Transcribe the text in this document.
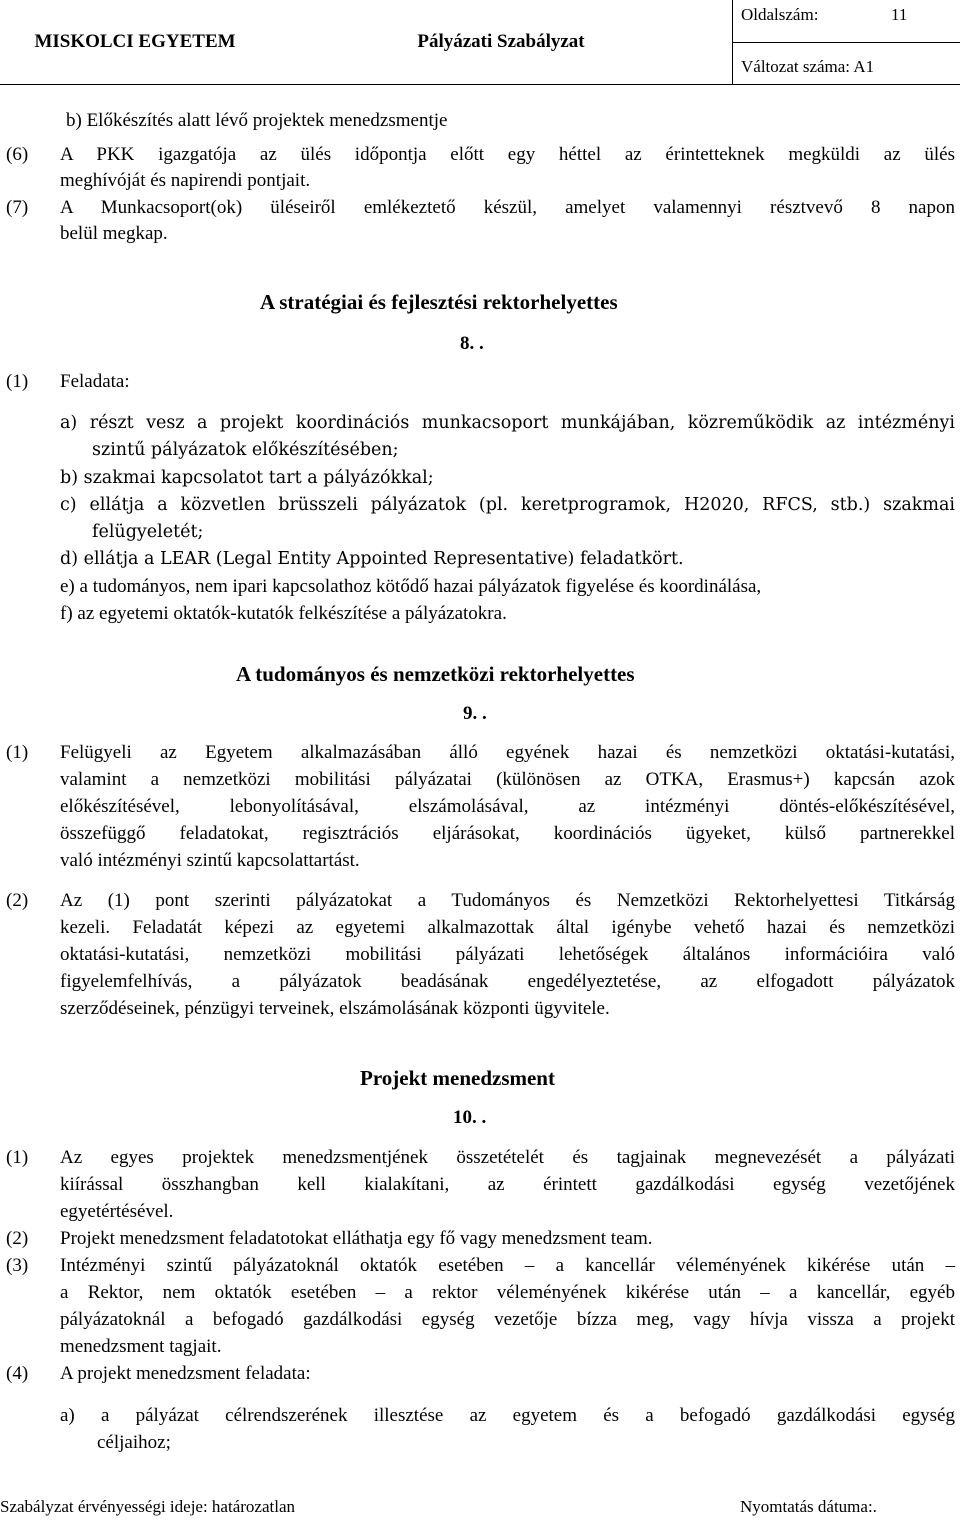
MISKOLCI EGYETEM	Pályázati Szabályzat
Oldalszám:	11
Változat száma: A1
b) Előkészítés alatt lévő projektek menedzsmentje
(6) A PKK igazgatója az ülés időpontja előtt egy héttel az érintetteknek megküldi az ülés
meghívóját és napirendi pontjait.
(7) A Munkacsoport(ok) üléseiről emlékeztető készül, amelyet valamennyi résztvevő 8 napon
belül megkap.
A stratégiai és fejlesztési rektorhelyettes
8. .
(1) Feladata:
a) részt vesz a projekt koordinációs munkacsoport munkájában, közreműködik az intézményi
szintű pályázatok előkészítésében;
b) szakmai kapcsolatot tart a pályázókkal;
c) ellátja a közvetlen brüsszeli pályázatok (pl. keretprogramok, H2020, RFCS, stb.) szakmai
felügyeletét;
d) ellátja a LEAR (Legal Entity Appointed Representative) feladatkört.
e) a tudományos, nem ipari kapcsolathoz kötődő hazai pályázatok figyelése és koordinálása,
f) az egyetemi oktatók-kutatók felkészítése a pályázatokra.
A tudományos és nemzetközi rektorhelyettes
9. .
(1) Felügyeli az Egyetem alkalmazásában álló egyének hazai és nemzetközi oktatási-kutatási,
valamint a nemzetközi mobilitási pályázatai (különösen az OTKA, Erasmus+) kapcsán azok
előkészítésével, lebonyolításával, elszámolásával, az intézményi döntés-előkészítésével,
összefüggő feladatokat, regisztrációs eljárásokat, koordinációs ügyeket, külső partnerekkel
való intézményi szintű kapcsolattartást.
(2) Az (1) pont szerinti pályázatokat a Tudományos és Nemzetközi Rektorhelyettesi Titkárság
kezeli. Feladatát képezi az egyetemi alkalmazottak által igénybe vehető hazai és nemzetközi
oktatási-kutatási, nemzetközi mobilitási pályázati lehetőségek általános információira való
figyelemfelhívás, a pályázatok beadásának engedélyeztetése, az elfogadott pályázatok
szerződéseinek, pénzügyi terveinek, elszámolásának központi ügyvitele.
Projekt menedzsment
10. .
(1) Az egyes projektek menedzsmentjének összetételét és tagjainak megnevezését a pályázati
kiírással összhangban kell kialakítani, az érintett gazdálkodási egység vezetőjének
egyetértésével.
(2) Projekt menedzsment feladatotokat elláthatja egy fő vagy menedzsment team.
(3) Intézményi szintű pályázatoknál oktatók esetében – a kancellár véleményének kikérése után –
a Rektor, nem oktatók esetében – a rektor véleményének kikérése után – a kancellár, egyéb
pályázatoknál a befogadó gazdálkodási egység vezetője bízza meg, vagy hívja vissza a projekt
menedzsment tagjait.
(4) A projekt menedzsment feladata:
a) a pályázat célrendszerének illesztése az egyetem és a befogadó gazdálkodási egység
céljaihoz;
Szabályzat érvényességi ideje: határozatlan	Nyomtatás dátuma:.
